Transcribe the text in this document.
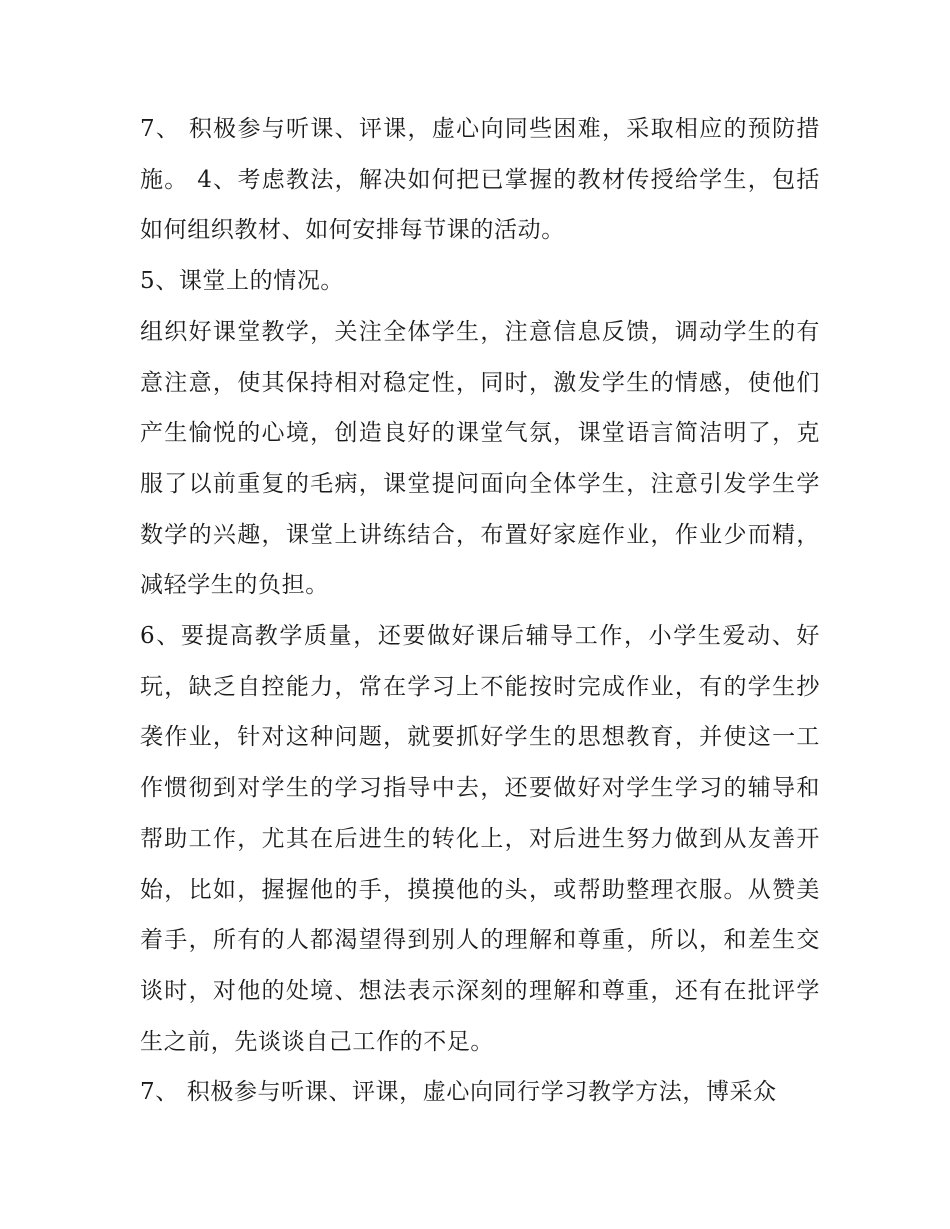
7、 积极参与听课、评课，虚心向同些困难，采取相应的预防措施。 4、考虑教法，解决如何把已掌握的教材传授给学生，包括如何组织教材、如何安排每节课的活动。

5、课堂上的情况。

组织好课堂教学，关注全体学生，注意信息反馈，调动学生的有意注意，使其保持相对稳定性，同时，激发学生的情感，使他们产生愉悦的心境，创造良好的课堂气氛，课堂语言简洁明了，克服了以前重复的毛病，课堂提问面向全体学生，注意引发学生学数学的兴趣，课堂上讲练结合，布置好家庭作业，作业少而精，减轻学生的负担。

6、要提高教学质量，还要做好课后辅导工作，小学生爱动、好玩，缺乏自控能力，常在学习上不能按时完成作业，有的学生抄袭作业，针对这种问题，就要抓好学生的思想教育，并使这一工作惯彻到对学生的学习指导中去，还要做好对学生学习的辅导和帮助工作，尤其在后进生的转化上，对后进生努力做到从友善开始，比如，握握他的手，摸摸他的头，或帮助整理衣服。从赞美着手，所有的人都渴望得到别人的理解和尊重，所以，和差生交谈时，对他的处境、想法表示深刻的理解和尊重，还有在批评学生之前，先谈谈自己工作的不足。

7、 积极参与听课、评课，虚心向同行学习教学方法，博采众
